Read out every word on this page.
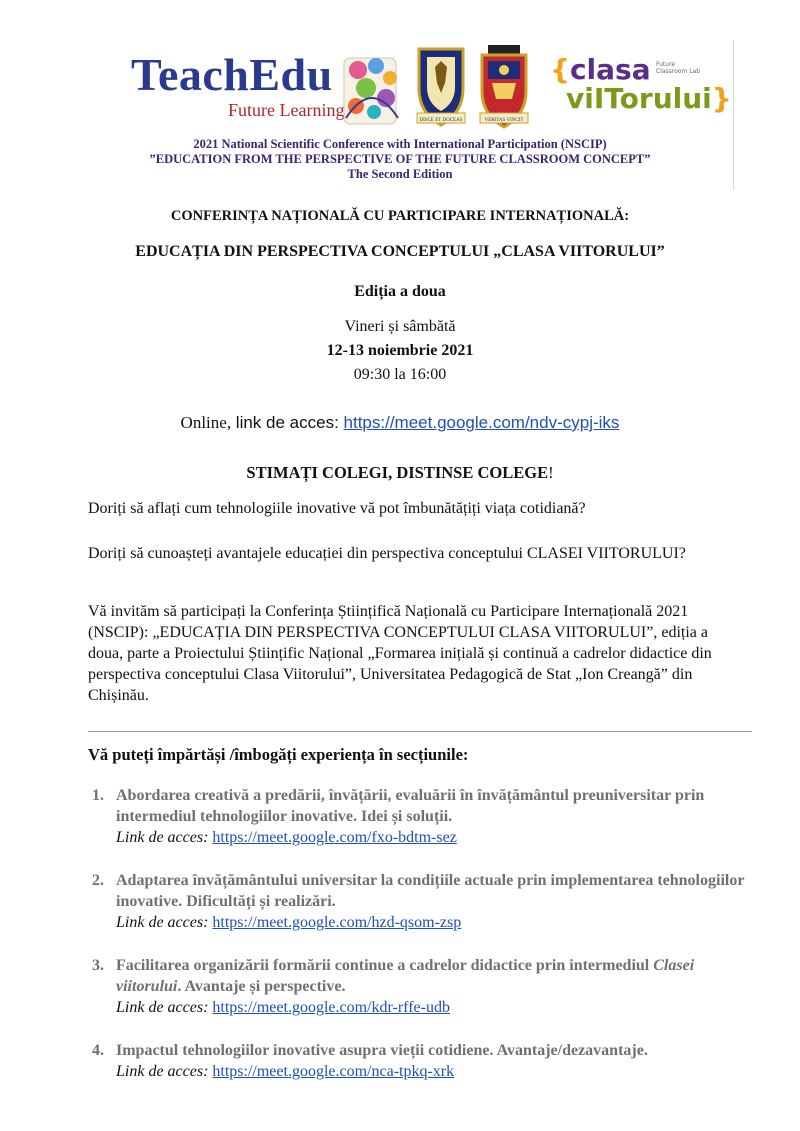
TeachEdu
Future Learning
DISCE ET DOCEAS	VERITAS VINCIT
{clasa
viITorului}
Future Classroom Lab
2021 National Scientific Conference with International Participation (NSCIP)
”EDUCATION FROM THE PERSPECTIVE OF THE FUTURE CLASSROOM CONCEPT”
The Second Edition
CONFERINȚA NAȚIONALĂ CU PARTICIPARE INTERNAȚIONALĂ:
EDUCAȚIA DIN PERSPECTIVA CONCEPTULUI „CLASA VIITORULUI”
Ediția a doua
Vineri și sâmbătă
12-13 noiembrie 2021
09:30 la 16:00
Online, link de acces: https://meet.google.com/ndv-cypj-iks
STIMAȚI COLEGI, DISTINSE COLEGE!
Doriți să aflați cum tehnologiile inovative vă pot îmbunătățiți viața cotidiană?
Doriți să cunoașteți avantajele educației din perspectiva conceptului CLASEI VIITORULUI?
Vă invităm să participați la Conferința Științifică Națională cu Participare Internațională 2021 (NSCIP): „EDUCAȚIA DIN PERSPECTIVA CONCEPTULUI CLASA VIITORULUI”, ediția a doua, parte a Proiectului Științific Național „Formarea inițială și continuă a cadrelor didactice din perspectiva conceptului Clasa Viitorului”, Universitatea Pedagogică de Stat „Ion Creangă” din Chișinău.
Vă puteți împărtăși /îmbogăți experiența în secțiunile:
1. Abordarea creativă a predării, învățării, evaluării în învățământul preuniversitar prin intermediul tehnologiilor inovative. Idei și soluții.
Link de acces: https://meet.google.com/fxo-bdtm-sez
2. Adaptarea învățământului universitar la condițiile actuale prin implementarea tehnologiilor inovative. Dificultăți și realizări.
Link de acces: https://meet.google.com/hzd-qsom-zsp
3. Facilitarea organizării formării continue a cadrelor didactice prin intermediul Clasei viitorului. Avantaje și perspective.
Link de acces: https://meet.google.com/kdr-rffe-udb
4. Impactul tehnologiilor inovative asupra vieții cotidiene. Avantaje/dezavantaje.
Link de acces: https://meet.google.com/nca-tpkq-xrk
